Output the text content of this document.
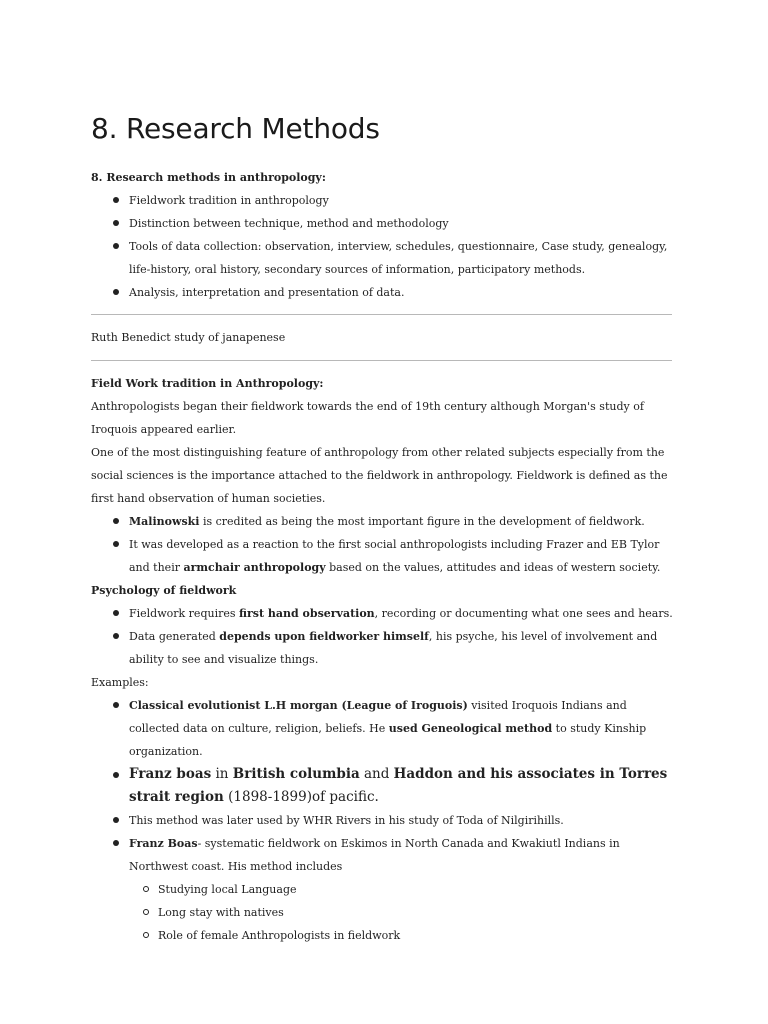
8. Research Methods

8. Research methods in anthropology:

Fieldwork tradition in anthropology
Distinction between technique, method and methodology
Tools of data collection: observation, interview, schedules, questionnaire, Case study, genealogy, life-history, oral history, secondary sources of information, participatory methods.
Analysis, interpretation and presentation of data.

Ruth Benedict study of janapenese

Field Work tradition in Anthropology:

Anthropologists began their fieldwork towards the end of 19th century although Morgan's study of Iroquois appeared earlier.

One of the most distinguishing feature of anthropology from other related subjects especially from the social sciences is the importance attached to the fieldwork in anthropology. Fieldwork is defined as the first hand observation of human societies.

Malinowski is credited as being the most important figure in the development of fieldwork.
It was developed as a reaction to the first social anthropologists including Frazer and EB Tylor and their armchair anthropology based on the values, attitudes and ideas of western society.

Psychology of fieldwork

Fieldwork requires first hand observation, recording or documenting what one sees and hears.
Data generated depends upon fieldworker himself, his psyche, his level of involvement and ability to see and visualize things.

Examples:

Classical evolutionist L.H morgan (League of Iroguois) visited Iroquois Indians and collected data on culture, religion, beliefs. He used Geneological method to study Kinship organization.
Franz boas in British columbia and Haddon and his associates in Torres strait region (1898-1899)of pacific.
This method was later used by WHR Rivers in his study of Toda of Nilgirihills.
Franz Boas- systematic fieldwork on Eskimos in North Canada and Kwakiutl Indians in Northwest coast. His method includes
Studying local Language
Long stay with natives
Role of female Anthropologists in fieldwork
